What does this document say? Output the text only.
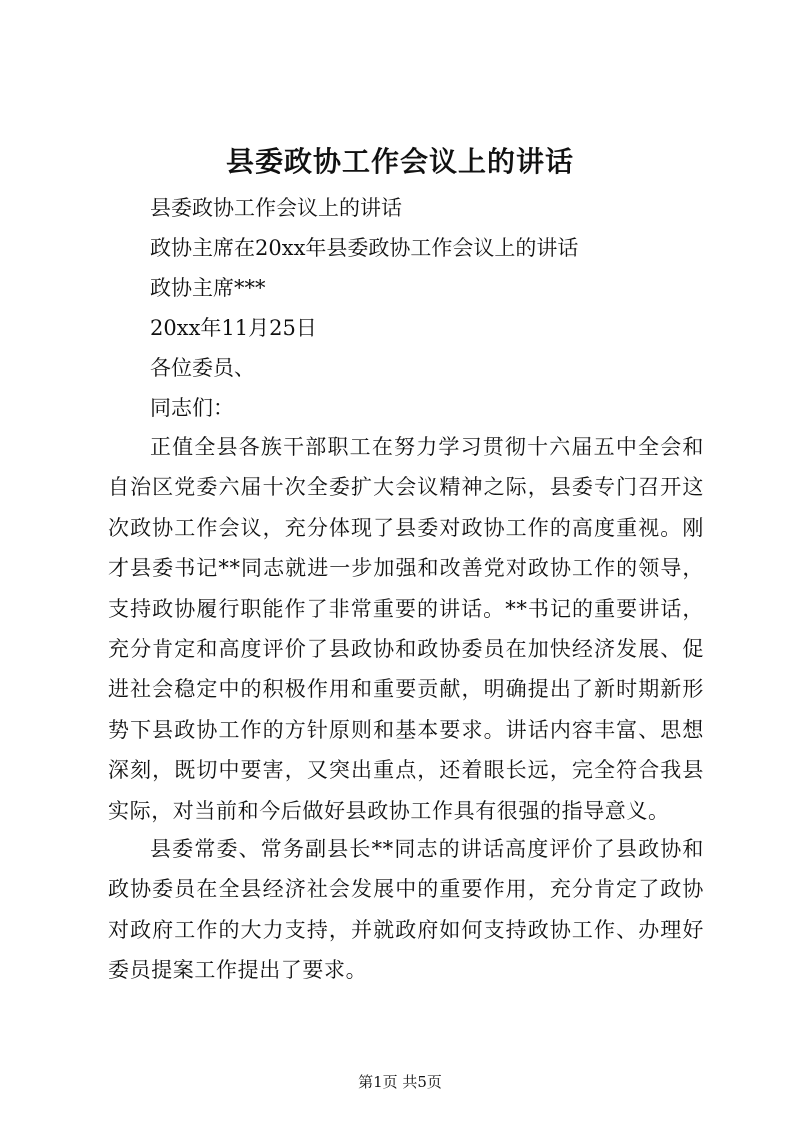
县委政协工作会议上的讲话
县委政协工作会议上的讲话
政协主席在20xx年县委政协工作会议上的讲话
政协主席***
20xx年11月25日
各位委员、
同志们：
正值全县各族干部职工在努力学习贯彻十六届五中全会和自治区党委六届十次全委扩大会议精神之际，县委专门召开这次政协工作会议，充分体现了县委对政协工作的高度重视。刚才县委书记**同志就进一步加强和改善党对政协工作的领导，支持政协履行职能作了非常重要的讲话。**书记的重要讲话，充分肯定和高度评价了县政协和政协委员在加快经济发展、促进社会稳定中的积极作用和重要贡献，明确提出了新时期新形势下县政协工作的方针原则和基本要求。讲话内容丰富、思想深刻，既切中要害，又突出重点，还着眼长远，完全符合我县实际，对当前和今后做好县政协工作具有很强的指导意义。
县委常委、常务副县长**同志的讲话高度评价了县政协和政协委员在全县经济社会发展中的重要作用，充分肯定了政协对政府工作的大力支持，并就政府如何支持政协工作、办理好委员提案工作提出了要求。
第1页 共5页
